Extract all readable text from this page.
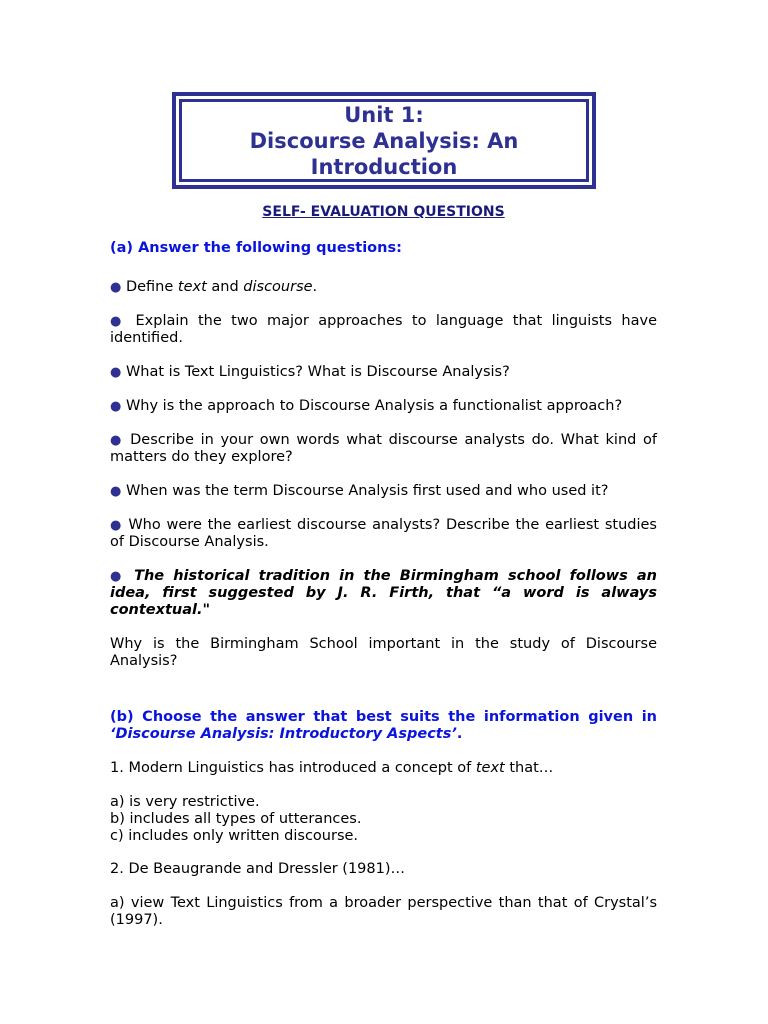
Unit 1:
Discourse Analysis: An
Introduction
SELF- EVALUATION QUESTIONS
(a) Answer the following questions:

● Define text and discourse.

● Explain the two major approaches to language that linguists have identified.

● What is Text Linguistics? What is Discourse Analysis?

● Why is the approach to Discourse Analysis a functionalist approach?

● Describe in your own words what discourse analysts do. What kind of matters do they explore?

● When was the term Discourse Analysis first used and who used it?

● Who were the earliest discourse analysts? Describe the earliest studies of Discourse Analysis.

● The historical tradition in the Birmingham school follows an idea, first suggested by J. R. Firth, that “a word is always contextual."

Why is the Birmingham School important in the study of Discourse Analysis?

(b) Choose the answer that best suits the information given in ‘Discourse Analysis: Introductory Aspects’.

1. Modern Linguistics has introduced a concept of text that…

a) is very restrictive.

b) includes all types of utterances.

c) includes only written discourse.

2. De Beaugrande and Dressler (1981)…

a) view Text Linguistics from a broader perspective than that of Crystal’s (1997).
